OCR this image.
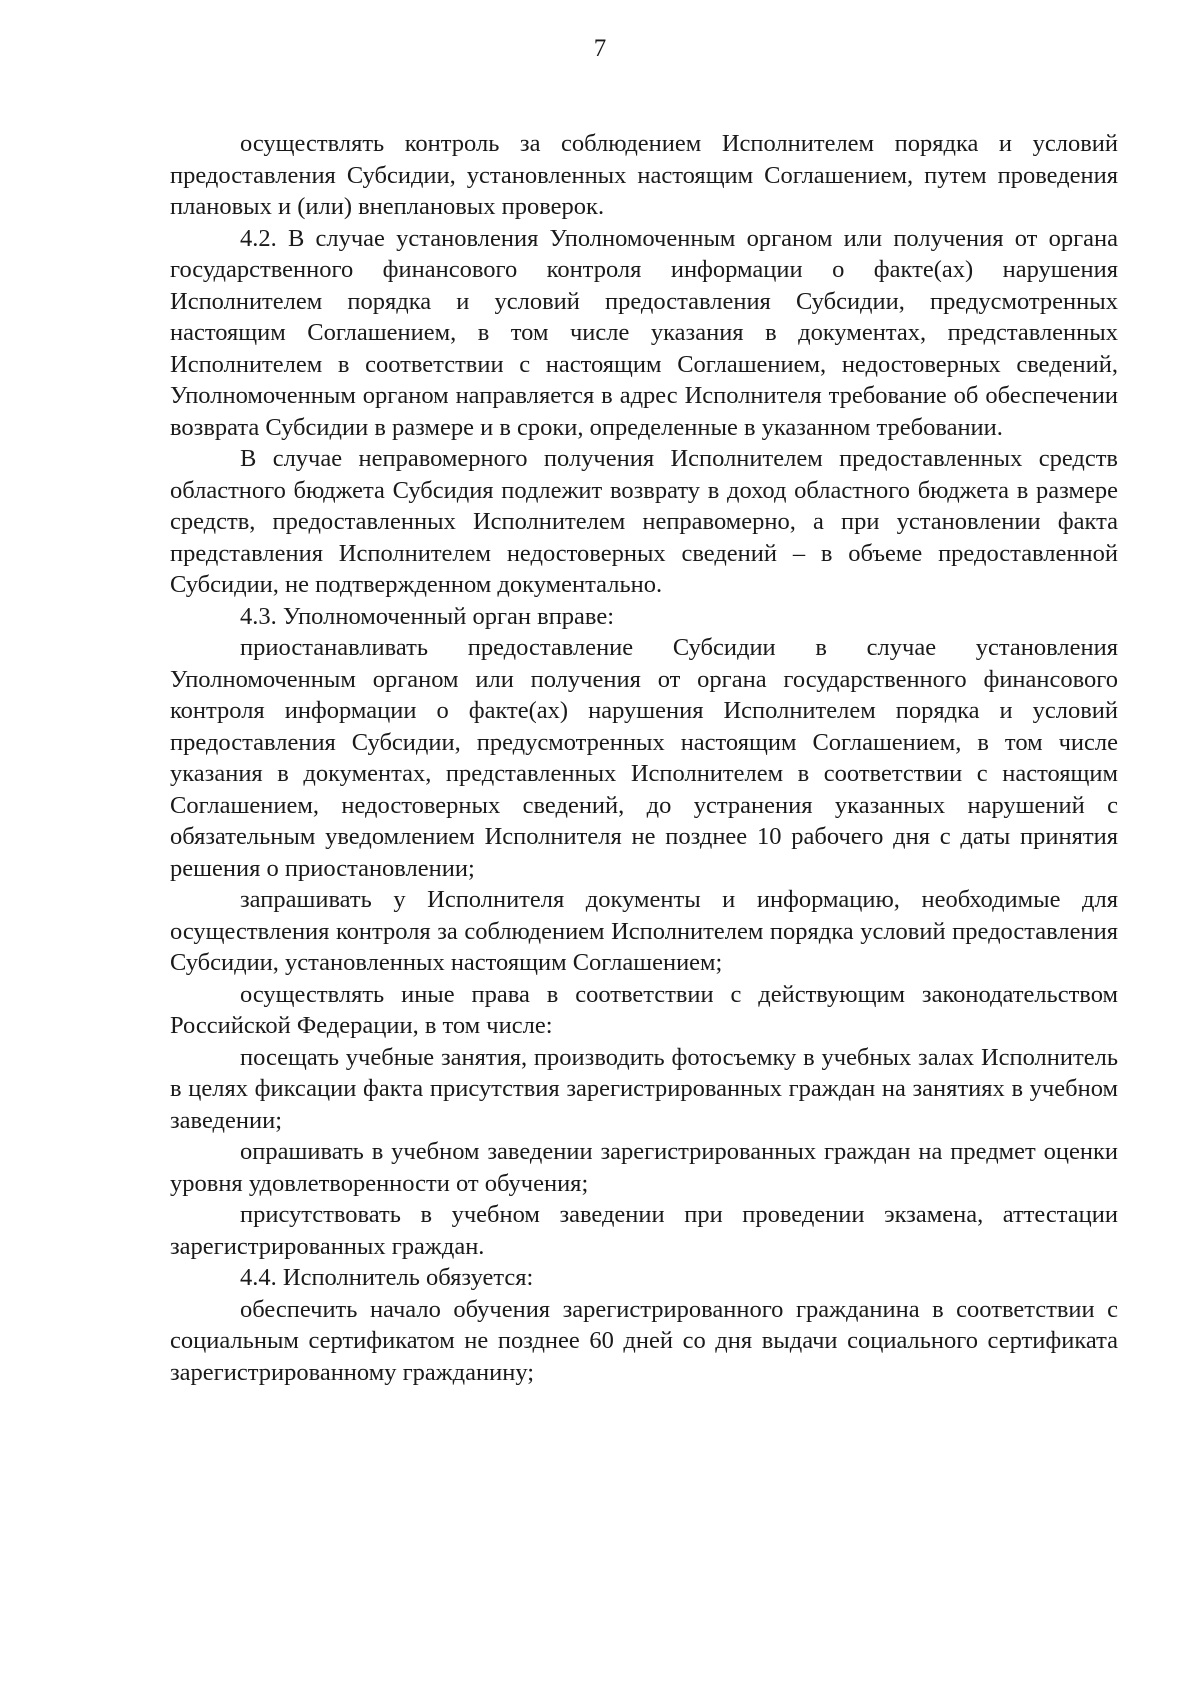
7

осуществлять контроль за соблюдением Исполнителем порядка и условий предоставления Субсидии, установленных настоящим Соглашением, путем проведения плановых и (или) внеплановых проверок.

4.2. В случае установления Уполномоченным органом или получения от органа государственного финансового контроля информации о факте(ах) нарушения Исполнителем порядка и условий предоставления Субсидии, предусмотренных настоящим Соглашением, в том числе указания в документах, представленных Исполнителем в соответствии с настоящим Соглашением, недостоверных сведений, Уполномоченным органом направляется в адрес Исполнителя требование об обеспечении возврата Субсидии в размере и в сроки, определенные в указанном требовании.

В случае неправомерного получения Исполнителем предоставленных средств областного бюджета Субсидия подлежит возврату в доход областного бюджета в размере средств, предоставленных Исполнителем неправомерно, а при установлении факта представления Исполнителем недостоверных сведений – в объеме предоставленной Субсидии, не подтвержденном документально.

4.3. Уполномоченный орган вправе:

приостанавливать предоставление Субсидии в случае установления Уполномоченным органом или получения от органа государственного финансового контроля информации о факте(ах) нарушения Исполнителем порядка и условий предоставления Субсидии, предусмотренных настоящим Соглашением, в том числе указания в документах, представленных Исполнителем в соответствии с настоящим Соглашением, недостоверных сведений, до устранения указанных нарушений с обязательным уведомлением Исполнителя не позднее 10 рабочего дня с даты принятия решения о приостановлении;

запрашивать у Исполнителя документы и информацию, необходимые для осуществления контроля за соблюдением Исполнителем порядка условий предоставления Субсидии, установленных настоящим Соглашением;

осуществлять иные права в соответствии с действующим законодательством Российской Федерации, в том числе:

посещать учебные занятия, производить фотосъемку в учебных залах Исполнитель в целях фиксации факта присутствия зарегистрированных граждан на занятиях в учебном заведении;

опрашивать в учебном заведении зарегистрированных граждан на предмет оценки уровня удовлетворенности от обучения;

присутствовать в учебном заведении при проведении экзамена, аттестации зарегистрированных граждан.

4.4. Исполнитель обязуется:

обеспечить начало обучения зарегистрированного гражданина в соответствии с социальным сертификатом не позднее 60 дней со дня выдачи социального сертификата зарегистрированному гражданину;
